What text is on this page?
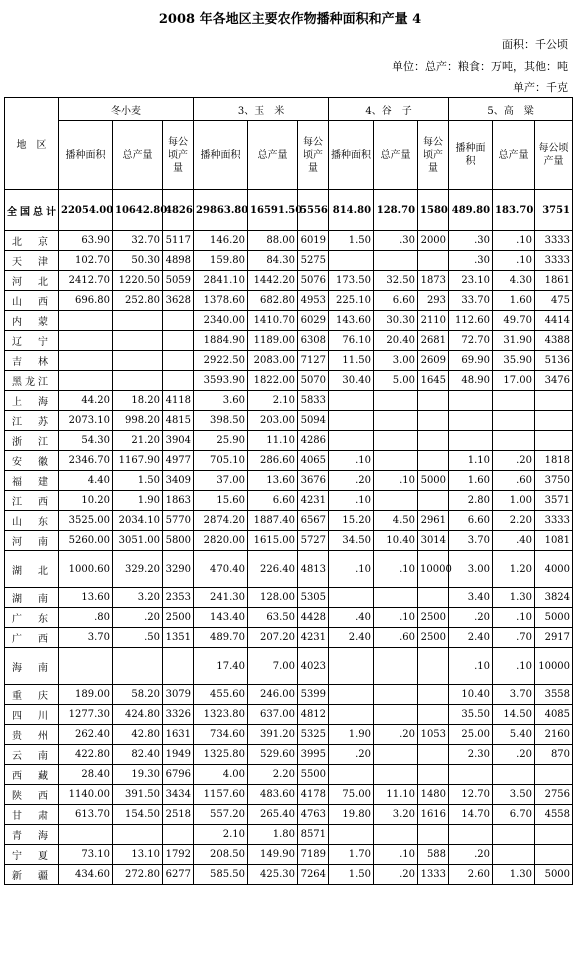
2008 年各地区主要农作物播种面积和产量 4
面积：千公顷
单位：总产：粮食：万吨，其他：吨
单产：千克
地　区	冬小麦			3、玉　米			4、谷　子			5、高　粱		
	播种面积	总产量	每公顷产量	播种面积	总产量	每公顷产量	播种面积	总产量	每公顷产量	播种面积	总产量	每公顷产量
全国总计	22054.00	10642.80	4826	29863.80	16591.50	5556	814.80	128.70	1580	489.80	183.70	3751
北　京	63.90	32.70	5117	146.20	88.00	6019	1.50	.30	2000	.30	.10	3333
天　津	102.70	50.30	4898	159.80	84.30	5275				.30	.10	3333
河　北	2412.70	1220.50	5059	2841.10	1442.20	5076	173.50	32.50	1873	23.10	4.30	1861
山　西	696.80	252.80	3628	1378.60	682.80	4953	225.10	6.60	293	33.70	1.60	475
内　蒙				2340.00	1410.70	6029	143.60	30.30	2110	112.60	49.70	4414
辽　宁				1884.90	1189.00	6308	76.10	20.40	2681	72.70	31.90	4388
吉　林				2922.50	2083.00	7127	11.50	3.00	2609	69.90	35.90	5136
黑龙江				3593.90	1822.00	5070	30.40	5.00	1645	48.90	17.00	3476
上　海	44.20	18.20	4118	3.60	2.10	5833						
江　苏	2073.10	998.20	4815	398.50	203.00	5094						
浙　江	54.30	21.20	3904	25.90	11.10	4286						
安　徽	2346.70	1167.90	4977	705.10	286.60	4065	.10			1.10	.20	1818
福　建	4.40	1.50	3409	37.00	13.60	3676	.20	.10	5000	1.60	.60	3750
江　西	10.20	1.90	1863	15.60	6.60	4231	.10			2.80	1.00	3571
山　东	3525.00	2034.10	5770	2874.20	1887.40	6567	15.20	4.50	2961	6.60	2.20	3333
河　南	5260.00	3051.00	5800	2820.00	1615.00	5727	34.50	10.40	3014	3.70	.40	1081
湖　北	1000.60	329.20	3290	470.40	226.40	4813	.10	.10	10000	3.00	1.20	4000
湖　南	13.60	3.20	2353	241.30	128.00	5305				3.40	1.30	3824
广　东	.80	.20	2500	143.40	63.50	4428	.40	.10	2500	.20	.10	5000
广　西	3.70	.50	1351	489.70	207.20	4231	2.40	.60	2500	2.40	.70	2917
海　南				17.40	7.00	4023				.10	.10	10000
重　庆	189.00	58.20	3079	455.60	246.00	5399				10.40	3.70	3558
四　川	1277.30	424.80	3326	1323.80	637.00	4812				35.50	14.50	4085
贵　州	262.40	42.80	1631	734.60	391.20	5325	1.90	.20	1053	25.00	5.40	2160
云　南	422.80	82.40	1949	1325.80	529.60	3995	.20			2.30	.20	870
西　藏	28.40	19.30	6796	4.00	2.20	5500						
陕　西	1140.00	391.50	3434	1157.60	483.60	4178	75.00	11.10	1480	12.70	3.50	2756
甘　肃	613.70	154.50	2518	557.20	265.40	4763	19.80	3.20	1616	14.70	6.70	4558
青　海				2.10	1.80	8571						
宁　夏	73.10	13.10	1792	208.50	149.90	7189	1.70	.10	588	.20		
新　疆	434.60	272.80	6277	585.50	425.30	7264	1.50	.20	1333	2.60	1.30	5000
